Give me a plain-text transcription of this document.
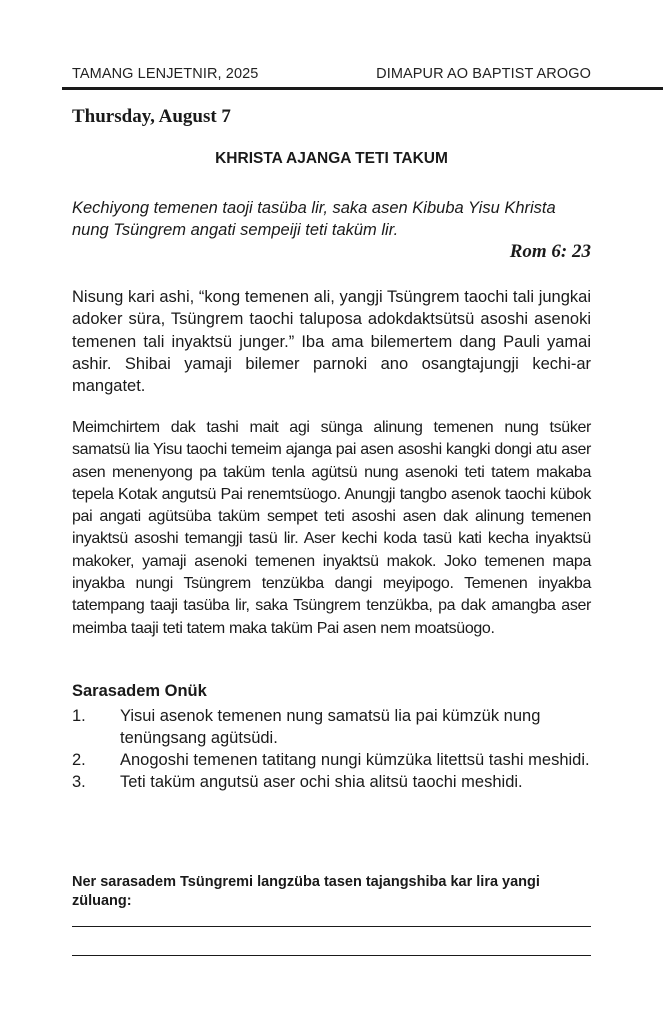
TAMANG LENJETNIR, 2025	DIMAPUR AO BAPTIST AROGO
Thursday, August 7
KHRISTA AJANGA TETI TAKUM
Kechiyong temenen taoji tasüba lir, saka asen Kibuba Yisu Khrista nung Tsüngrem angati sempeiji teti taküm lir.
Rom 6: 23
Nisung kari ashi, “kong temenen ali, yangji Tsüngrem taochi tali jungkai adoker süra, Tsüngrem taochi taluposa adokdaktsütsü asoshi asenoki temenen tali inyaktsü junger.” Iba ama bilemertem dang Pauli yamai ashir. Shibai yamaji bilemer parnoki ano osangtajungji kechi-ar mangatet.
Meimchirtem dak tashi mait agi sünga alinung temenen nung tsüker samatsü lia Yisu taochi temeim ajanga pai asen asoshi kangki dongi atu aser asen menenyong pa taküm tenla agütsü nung asenoki teti tatem makaba tepela Kotak angutsü Pai renemtsüogo. Anungji tangbo asenok taochi kübok pai angati agütsüba taküm sempet teti asoshi asen dak alinung temenen inyaktsü asoshi temangji tasü lir. Aser kechi koda tasü kati kecha inyaktsü makoker, yamaji asenoki temenen inyaktsü makok. Joko temenen mapa inyakba nungi Tsüngrem tenzükba dangi meyipogo. Temenen inyakba tatempang taaji tasüba lir, saka Tsüngrem tenzükba, pa dak amangba aser meimba taaji teti tatem maka taküm Pai asen nem moatsüogo.
Sarasadem Onük
1.	Yisui asenok temenen nung samatsü lia pai kümzük nung tenüngsang agütsüdi.
2.	Anogoshi temenen tatitang nungi kümzüka litettsü tashi meshidi.
3.	Teti taküm angutsü aser ochi shia alitsü taochi meshidi.
Ner sarasadem Tsüngremi langzüba tasen tajangshiba kar lira yangi züluang:
